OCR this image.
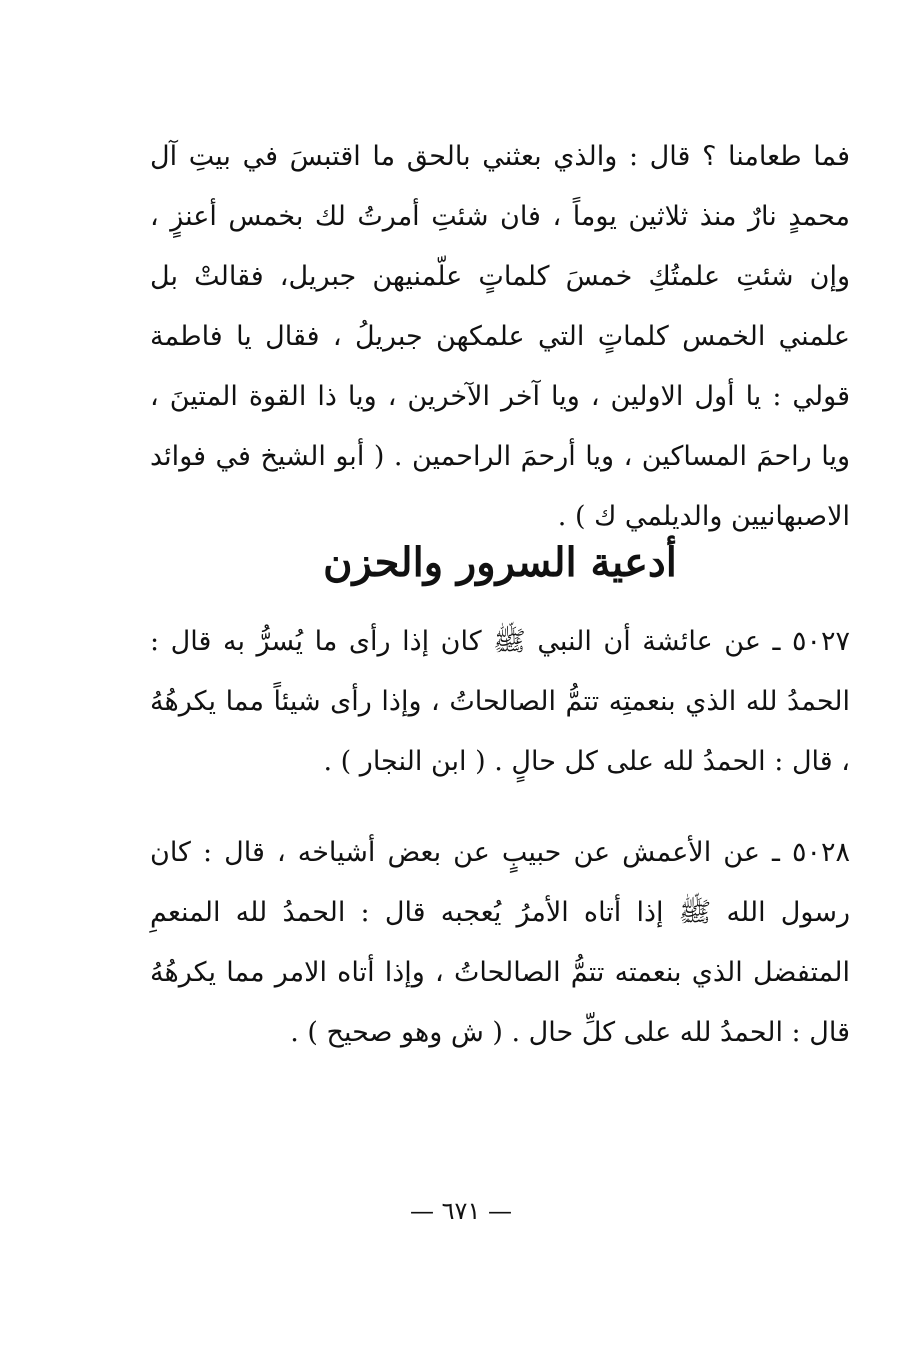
فما طعامنا ؟ قال : والذي بعثني بالحق ما اقتبسَ في بيتِ آل محمدٍ نارٌ منذ ثلاثين يوماً ، فان شئتِ أمرتُ لك بخمس أعنزٍ ، وإن شئتِ علمتُكِ خمسَ كلماتٍ علّمنيهن جبريل، فقالتْ بل علمني الخمس كلماتٍ التي علمكهن جبريلُ ، فقال يا فاطمة قولي : يا أول الاولين ، ويا آخر الآخرين ، ويا ذا القوة المتينَ ، ويا راحمَ المساكين ، ويا أرحمَ الراحمين . ( أبو الشيخ في فوائد الاصبهانيين والديلمي ك ) .

أدعية السرور والحزن

٥٠٢٧ ـ عن عائشة أن النبي ﷺ كان إذا رأى ما يُسرُّ به قال : الحمدُ لله الذي بنعمتِه تتمُّ الصالحاتُ ، وإذا رأى شيئاً مما يكرهُهُ ، قال : الحمدُ لله على كل حالٍ . ( ابن النجار ) .

٥٠٢٨ ـ عن الأعمش عن حبيبٍ عن بعض أشياخه ، قال : كان رسول الله ﷺ إذا أتاه الأمرُ يُعجبه قال : الحمدُ لله المنعمِ المتفضل الذي بنعمته تتمُّ الصالحاتُ ، وإذا أتاه الامر مما يكرهُهُ قال : الحمدُ لله على كلِّ حال . ( ش وهو صحيح ) .

— ٦٧١ —
